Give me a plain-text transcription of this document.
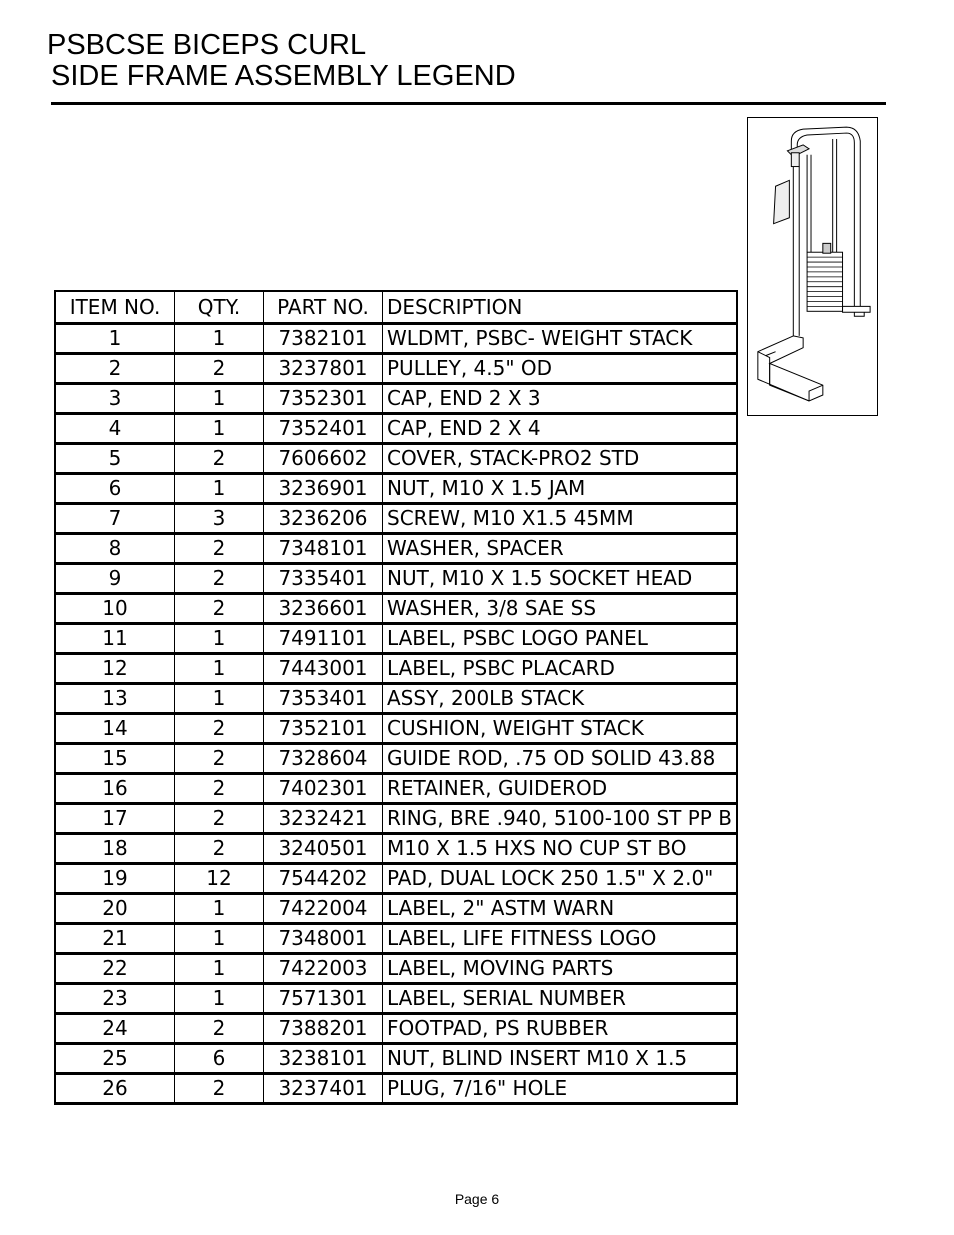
PSBCSE BICEPS CURL
SIDE FRAME ASSEMBLY LEGEND
ITEM NO.	QTY.	PART NO.	DESCRIPTION
1	1	7382101	WLDMT, PSBC- WEIGHT STACK
2	2	3237801	PULLEY, 4.5" OD
3	1	7352301	CAP, END 2 X 3
4	1	7352401	CAP, END 2 X 4
5	2	7606602	COVER, STACK-PRO2 STD
6	1	3236901	NUT, M10 X 1.5 JAM
7	3	3236206	SCREW, M10 X1.5 45MM
8	2	7348101	WASHER, SPACER
9	2	7335401	NUT, M10 X 1.5 SOCKET HEAD
10	2	3236601	WASHER, 3/8 SAE SS
11	1	7491101	LABEL, PSBC LOGO PANEL
12	1	7443001	LABEL, PSBC PLACARD
13	1	7353401	ASSY, 200LB STACK
14	2	7352101	CUSHION, WEIGHT STACK
15	2	7328604	GUIDE ROD, .75 OD SOLID 43.88
16	2	7402301	RETAINER, GUIDEROD
17	2	3232421	RING, BRE .940, 5100-100 ST PP B
18	2	3240501	M10 X 1.5 HXS NO CUP ST BO
19	12	7544202	PAD, DUAL LOCK 250 1.5" X 2.0"
20	1	7422004	LABEL, 2" ASTM WARN
21	1	7348001	LABEL, LIFE FITNESS LOGO
22	1	7422003	LABEL, MOVING PARTS
23	1	7571301	LABEL, SERIAL NUMBER
24	2	7388201	FOOTPAD, PS RUBBER
25	6	3238101	NUT, BLIND INSERT M10 X 1.5
26	2	3237401	PLUG, 7/16" HOLE
Page 6
